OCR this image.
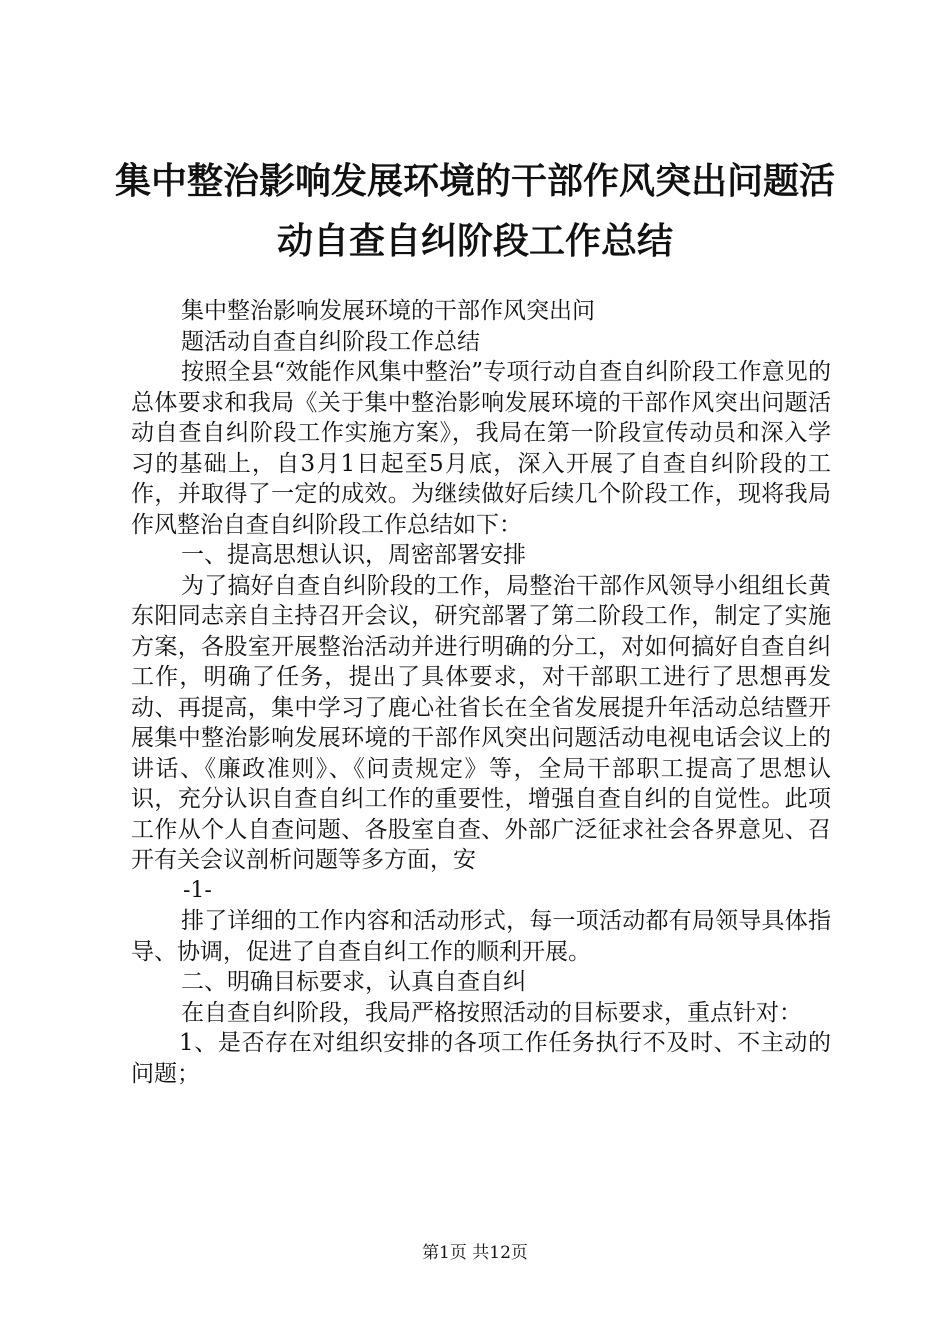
集中整治影响发展环境的干部作风突出问题活
动自查自纠阶段工作总结

集中整治影响发展环境的干部作风突出问

题活动自查自纠阶段工作总结

按照全县“效能作风集中整治”专项行动自查自纠阶段工作意见的总体要求和我局《关于集中整治影响发展环境的干部作风突出问题活动自查自纠阶段工作实施方案》，我局在第一阶段宣传动员和深入学习的基础上，自3月1日起至5月底，深入开展了自查自纠阶段的工作，并取得了一定的成效。为继续做好后续几个阶段工作，现将我局作风整治自查自纠阶段工作总结如下：

一、提高思想认识，周密部署安排

为了搞好自查自纠阶段的工作，局整治干部作风领导小组组长黄东阳同志亲自主持召开会议，研究部署了第二阶段工作，制定了实施方案，各股室开展整治活动并进行明确的分工，对如何搞好自查自纠工作，明确了任务，提出了具体要求，对干部职工进行了思想再发动、再提高，集中学习了鹿心社省长在全省发展提升年活动总结暨开展集中整治影响发展环境的干部作风突出问题活动电视电话会议上的讲话、《廉政准则》、《问责规定》等，全局干部职工提高了思想认识，充分认识自查自纠工作的重要性，增强自查自纠的自觉性。此项工作从个人自查问题、各股室自查、外部广泛征求社会各界意见、召开有关会议剖析问题等多方面，安

-1-

排了详细的工作内容和活动形式，每一项活动都有局领导具体指导、协调，促进了自查自纠工作的顺利开展。

二、明确目标要求，认真自查自纠

在自查自纠阶段，我局严格按照活动的目标要求，重点针对：

1、是否存在对组织安排的各项工作任务执行不及时、不主动的问题；

第1页 共12页
